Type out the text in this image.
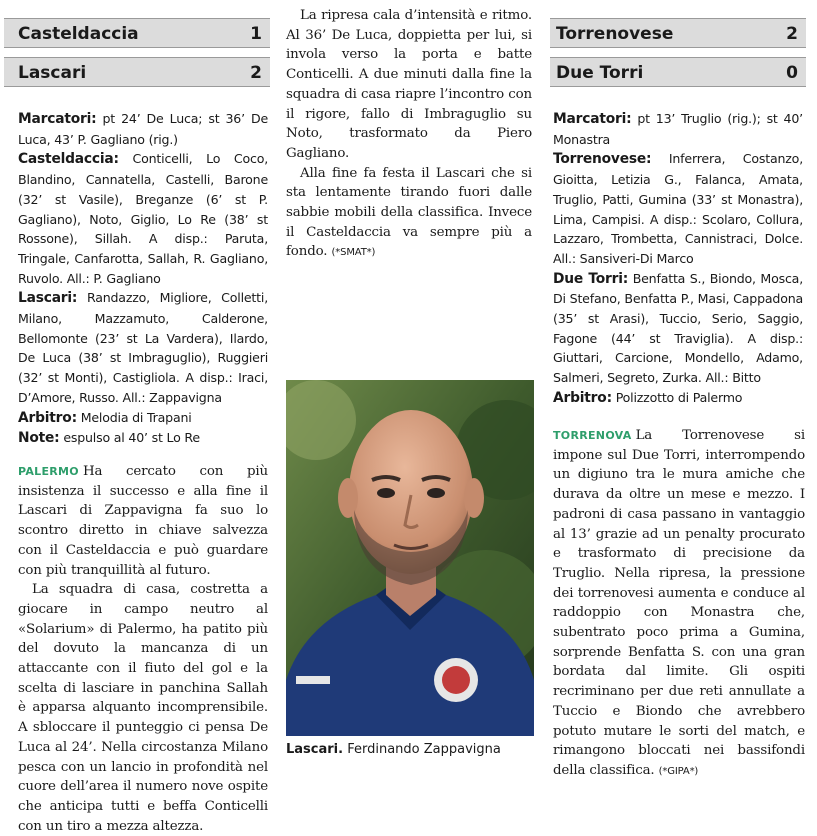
Casteldaccia	1
Lascari	2

Marcatori: pt 24’ De Luca; st 36’ De Luca, 43’ P. Gagliano (rig.)

Casteldaccia: Conticelli, Lo Coco, Blandino, Cannatella, Castelli, Barone (32’ st Vasile), Breganze (6’ st P. Gagliano), Noto, Giglio, Lo Re (38’ st Rossone), Sillah. A disp.: Paruta, Tringale, Canfarotta, Sallah, R. Gagliano, Ruvolo. All.: P. Gagliano

Lascari: Randazzo, Migliore, Colletti, Milano, Mazzamuto, Calderone, Bellomonte (23’ st La Vardera), Ilardo, De Luca (38’ st Imbraguglio), Ruggieri (32’ st Monti), Castigliola. A disp.: Iraci, D’Amore, Russo. All.: Zappavigna

Arbitro: Melodia di Trapani

Note: espulso al 40’ st Lo Re

PALERMO Ha cercato con più insistenza il successo e alla fine il Lascari di Zappavigna fa suo lo scontro diretto in chiave salvezza con il Casteldaccia e può guardare con più tranquillità al futuro.

La squadra di casa, costretta a giocare in campo neutro al «Solarium» di Palermo, ha patito più del dovuto la mancanza di un attaccante con il fiuto del gol e la scelta di lasciare in panchina Sallah è apparsa alquanto incomprensibile. A sbloccare il punteggio ci pensa De Luca al 24’. Nella circostanza Milano pesca con un lancio in profondità nel cuore dell’area il numero nove ospite che anticipa tutti e beffa Conticelli con un tiro a mezza altezza.

La ripresa cala d’intensità e ritmo. Al 36’ De Luca, doppietta per lui, si invola verso la porta e batte Conticelli. A due minuti dalla fine la squadra di casa riapre l’incontro con il rigore, fallo di Imbraguglio su Noto, trasformato da Piero Gagliano.

Alla fine fa festa il Lascari che si sta lentamente tirando fuori dalle sabbie mobili della classifica. Invece il Casteldaccia va sempre più a fondo. (*SMAT*)

Lascari. Ferdinando Zappavigna
Torrenovese	2
Due Torri	0

Marcatori: pt 13’ Truglio (rig.); st 40’ Monastra

Torrenovese: Inferrera, Costanzo, Gioitta, Letizia G., Falanca, Amata, Truglio, Patti, Gumina (33’ st Monastra), Lima, Campisi. A disp.: Scolaro, Collura, Lazzaro, Trombetta, Cannistraci, Dolce. All.: Sansiveri-Di Marco

Due Torri: Benfatta S., Biondo, Mosca, Di Stefano, Benfatta P., Masi, Cappadona (35’ st Arasi), Tuccio, Serio, Saggio, Fagone (44’ st Traviglia). A disp.: Giuttari, Carcione, Mondello, Adamo, Salmeri, Segreto, Zurka. All.: Bitto

Arbitro: Polizzotto di Palermo

TORRENOVA La Torrenovese si impone sul Due Torri, interrompendo un digiuno tra le mura amiche che durava da oltre un mese e mezzo. I padroni di casa passano in vantaggio al 13’ grazie ad un penalty procurato e trasformato di precisione da Truglio. Nella ripresa, la pressione dei torrenovesi aumenta e conduce al raddoppio con Monastra che, subentrato poco prima a Gumina, sorprende Benfatta S. con una gran bordata dal limite. Gli ospiti recriminano per due reti annullate a Tuccio e Biondo che avrebbero potuto mutare le sorti del match, e rimangono bloccati nei bassifondi della classifica. (*GIPA*)
